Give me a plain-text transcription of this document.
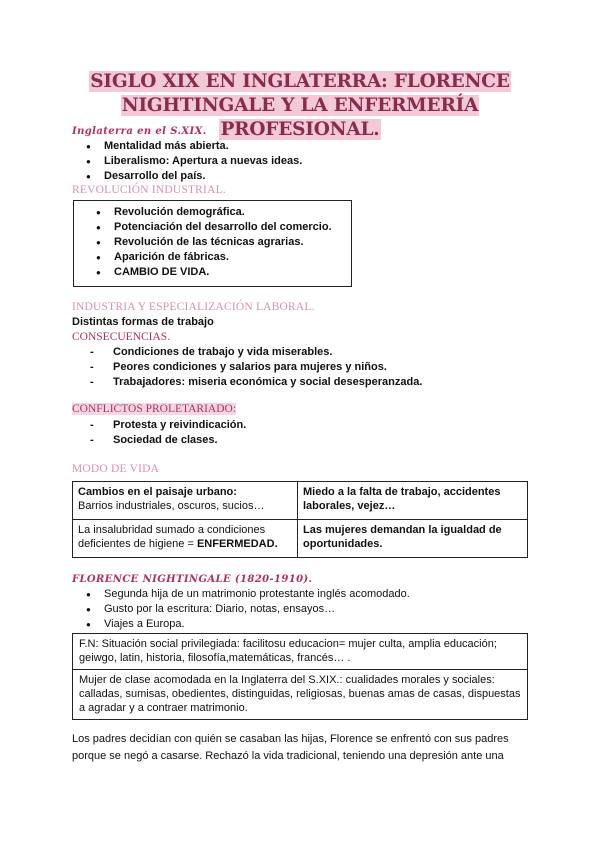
SIGLO XIX EN INGLATERRA: FLORENCE
NIGHTINGALE Y LA ENFERMERÍA PROFESIONAL.
Inglaterra en el S.XIX.
● Mentalidad más abierta.
● Liberalismo: Apertura a nuevas ideas.
● Desarrollo del país.
REVOLUCIÓN INDUSTRIAL.
● Revolución demográfica.
● Potenciación del desarrollo del comercio.
● Revolución de las técnicas agrarias.
● Aparición de fábricas.
● CAMBIO DE VIDA.
INDUSTRIA Y ESPECIALIZACIÓN LABORAL.
Distintas formas de trabajo
CONSECUENCIAS.
- Condiciones de trabajo y vida miserables.
- Peores condiciones y salarios para mujeres y niños.
- Trabajadores: miseria económica y social desesperanzada.
CONFLICTOS PROLETARIADO:
- Protesta y reivindicación.
- Sociedad de clases.
MODO DE VIDA
Cambios en el paisaje urbano:
Barrios industriales, oscuros, sucios…	Miedo a la falta de trabajo, accidentes laborales, vejez…
La insalubridad sumado a condiciones deficientes de higiene = ENFERMEDAD.	Las mujeres demandan la igualdad de oportunidades.
FLORENCE NIGHTINGALE (1820-1910).
● Segunda hija de un matrimonio protestante inglés acomodado.
● Gusto por la escritura: Diario, notas, ensayos…
● Viajes a Europa.
F.N: Situación social privilegiada: facilitosu educacion= mujer culta, amplia educación; geiwgo, latin, historia, filosofía,matemáticas, francés… .
Mujer de clase acomodada en la Inglaterra del S.XIX.: cualidades morales y sociales: calladas, sumisas, obedientes, distinguidas, religiosas, buenas amas de casas, dispuestas a agradar y a contraer matrimonio.
Los padres decidían con quién se casaban las hijas, Florence se enfrentó con sus padres
porque se negó a casarse. Rechazó la vida tradicional, teniendo una depresión ante una
